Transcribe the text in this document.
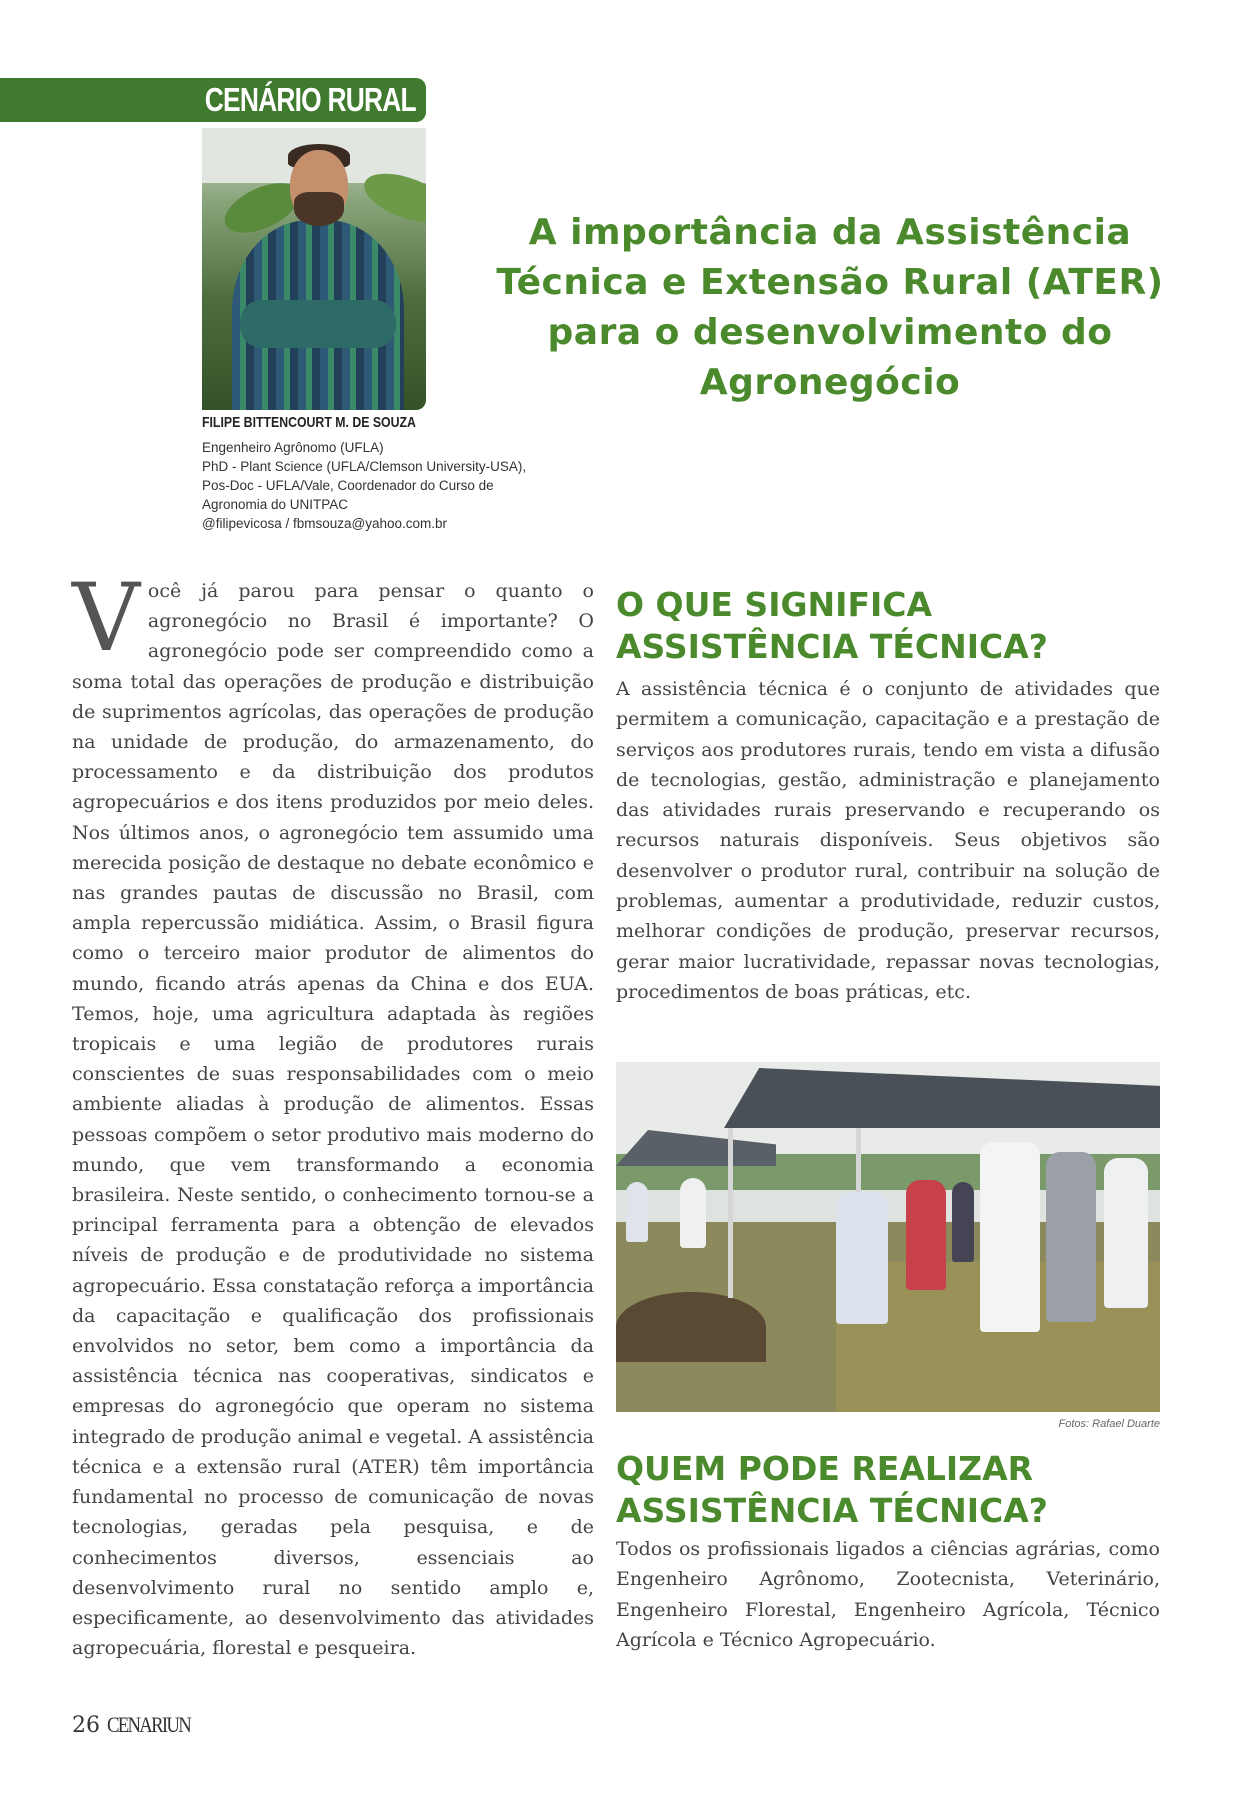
CENÁRIO RURAL
FILIPE BITTENCOURT M. DE SOUZA
Engenheiro Agrônomo (UFLA)
PhD - Plant Science (UFLA/Clemson University-USA),
Pos-Doc - UFLA/Vale, Coordenador do Curso de
Agronomia do UNITPAC
@filipevicosa / fbmsouza@yahoo.com.br
A importância da Assistência Técnica e Extensão Rural (ATER) para o desenvolvimento do Agronegócio
Você já parou para pensar o quanto o agronegócio no Brasil é importante? O agronegócio pode ser compreendido como a soma total das operações de produção e distribuição de suprimentos agrícolas, das operações de produção na unidade de produção, do armazenamento, do processamento e da distribuição dos produtos agropecuários e dos itens produzidos por meio deles. Nos últimos anos, o agronegócio tem assumido uma merecida posição de destaque no debate econômico e nas grandes pautas de discussão no Brasil, com ampla repercussão midiática. Assim, o Brasil figura como o terceiro maior produtor de alimentos do mundo, ficando atrás apenas da China e dos EUA. Temos, hoje, uma agricultura adaptada às regiões tropicais e uma legião de produtores rurais conscientes de suas responsabilidades com o meio ambiente aliadas à produção de alimentos. Essas pessoas compõem o setor produtivo mais moderno do mundo, que vem transformando a economia brasileira. Neste sentido, o conhecimento tornou-se a principal ferramenta para a obtenção de elevados níveis de produção e de produtividade no sistema agropecuário. Essa constatação reforça a importância da capacitação e qualificação dos profissionais envolvidos no setor, bem como a importância da assistência técnica nas cooperativas, sindicatos e empresas do agronegócio que operam no sistema integrado de produção animal e vegetal. A assistência técnica e a extensão rural (ATER) têm importância fundamental no processo de comunicação de novas tecnologias, geradas pela pesquisa, e de conhecimentos diversos, essenciais ao desenvolvimento rural no sentido amplo e, especificamente, ao desenvolvimento das atividades agropecuária, florestal e pesqueira.
O QUE SIGNIFICA
ASSISTÊNCIA TÉCNICA?
A assistência técnica é o conjunto de atividades que permitem a comunicação, capacitação e a prestação de serviços aos produtores rurais, tendo em vista a difusão de tecnologias, gestão, administração e planejamento das atividades rurais preservando e recuperando os recursos naturais disponíveis. Seus objetivos são desenvolver o produtor rural, contribuir na solução de problemas, aumentar a produtividade, reduzir custos, melhorar condições de produção, preservar recursos, gerar maior lucratividade, repassar novas tecnologias, procedimentos de boas práticas, etc.
Fotos: Rafael Duarte
QUEM PODE REALIZAR
ASSISTÊNCIA TÉCNICA?
Todos os profissionais ligados a ciências agrárias, como Engenheiro Agrônomo, Zootecnista, Veterinário, Engenheiro Florestal, Engenheiro Agrícola, Técnico Agrícola e Técnico Agropecuário.
26 CENARIUN
